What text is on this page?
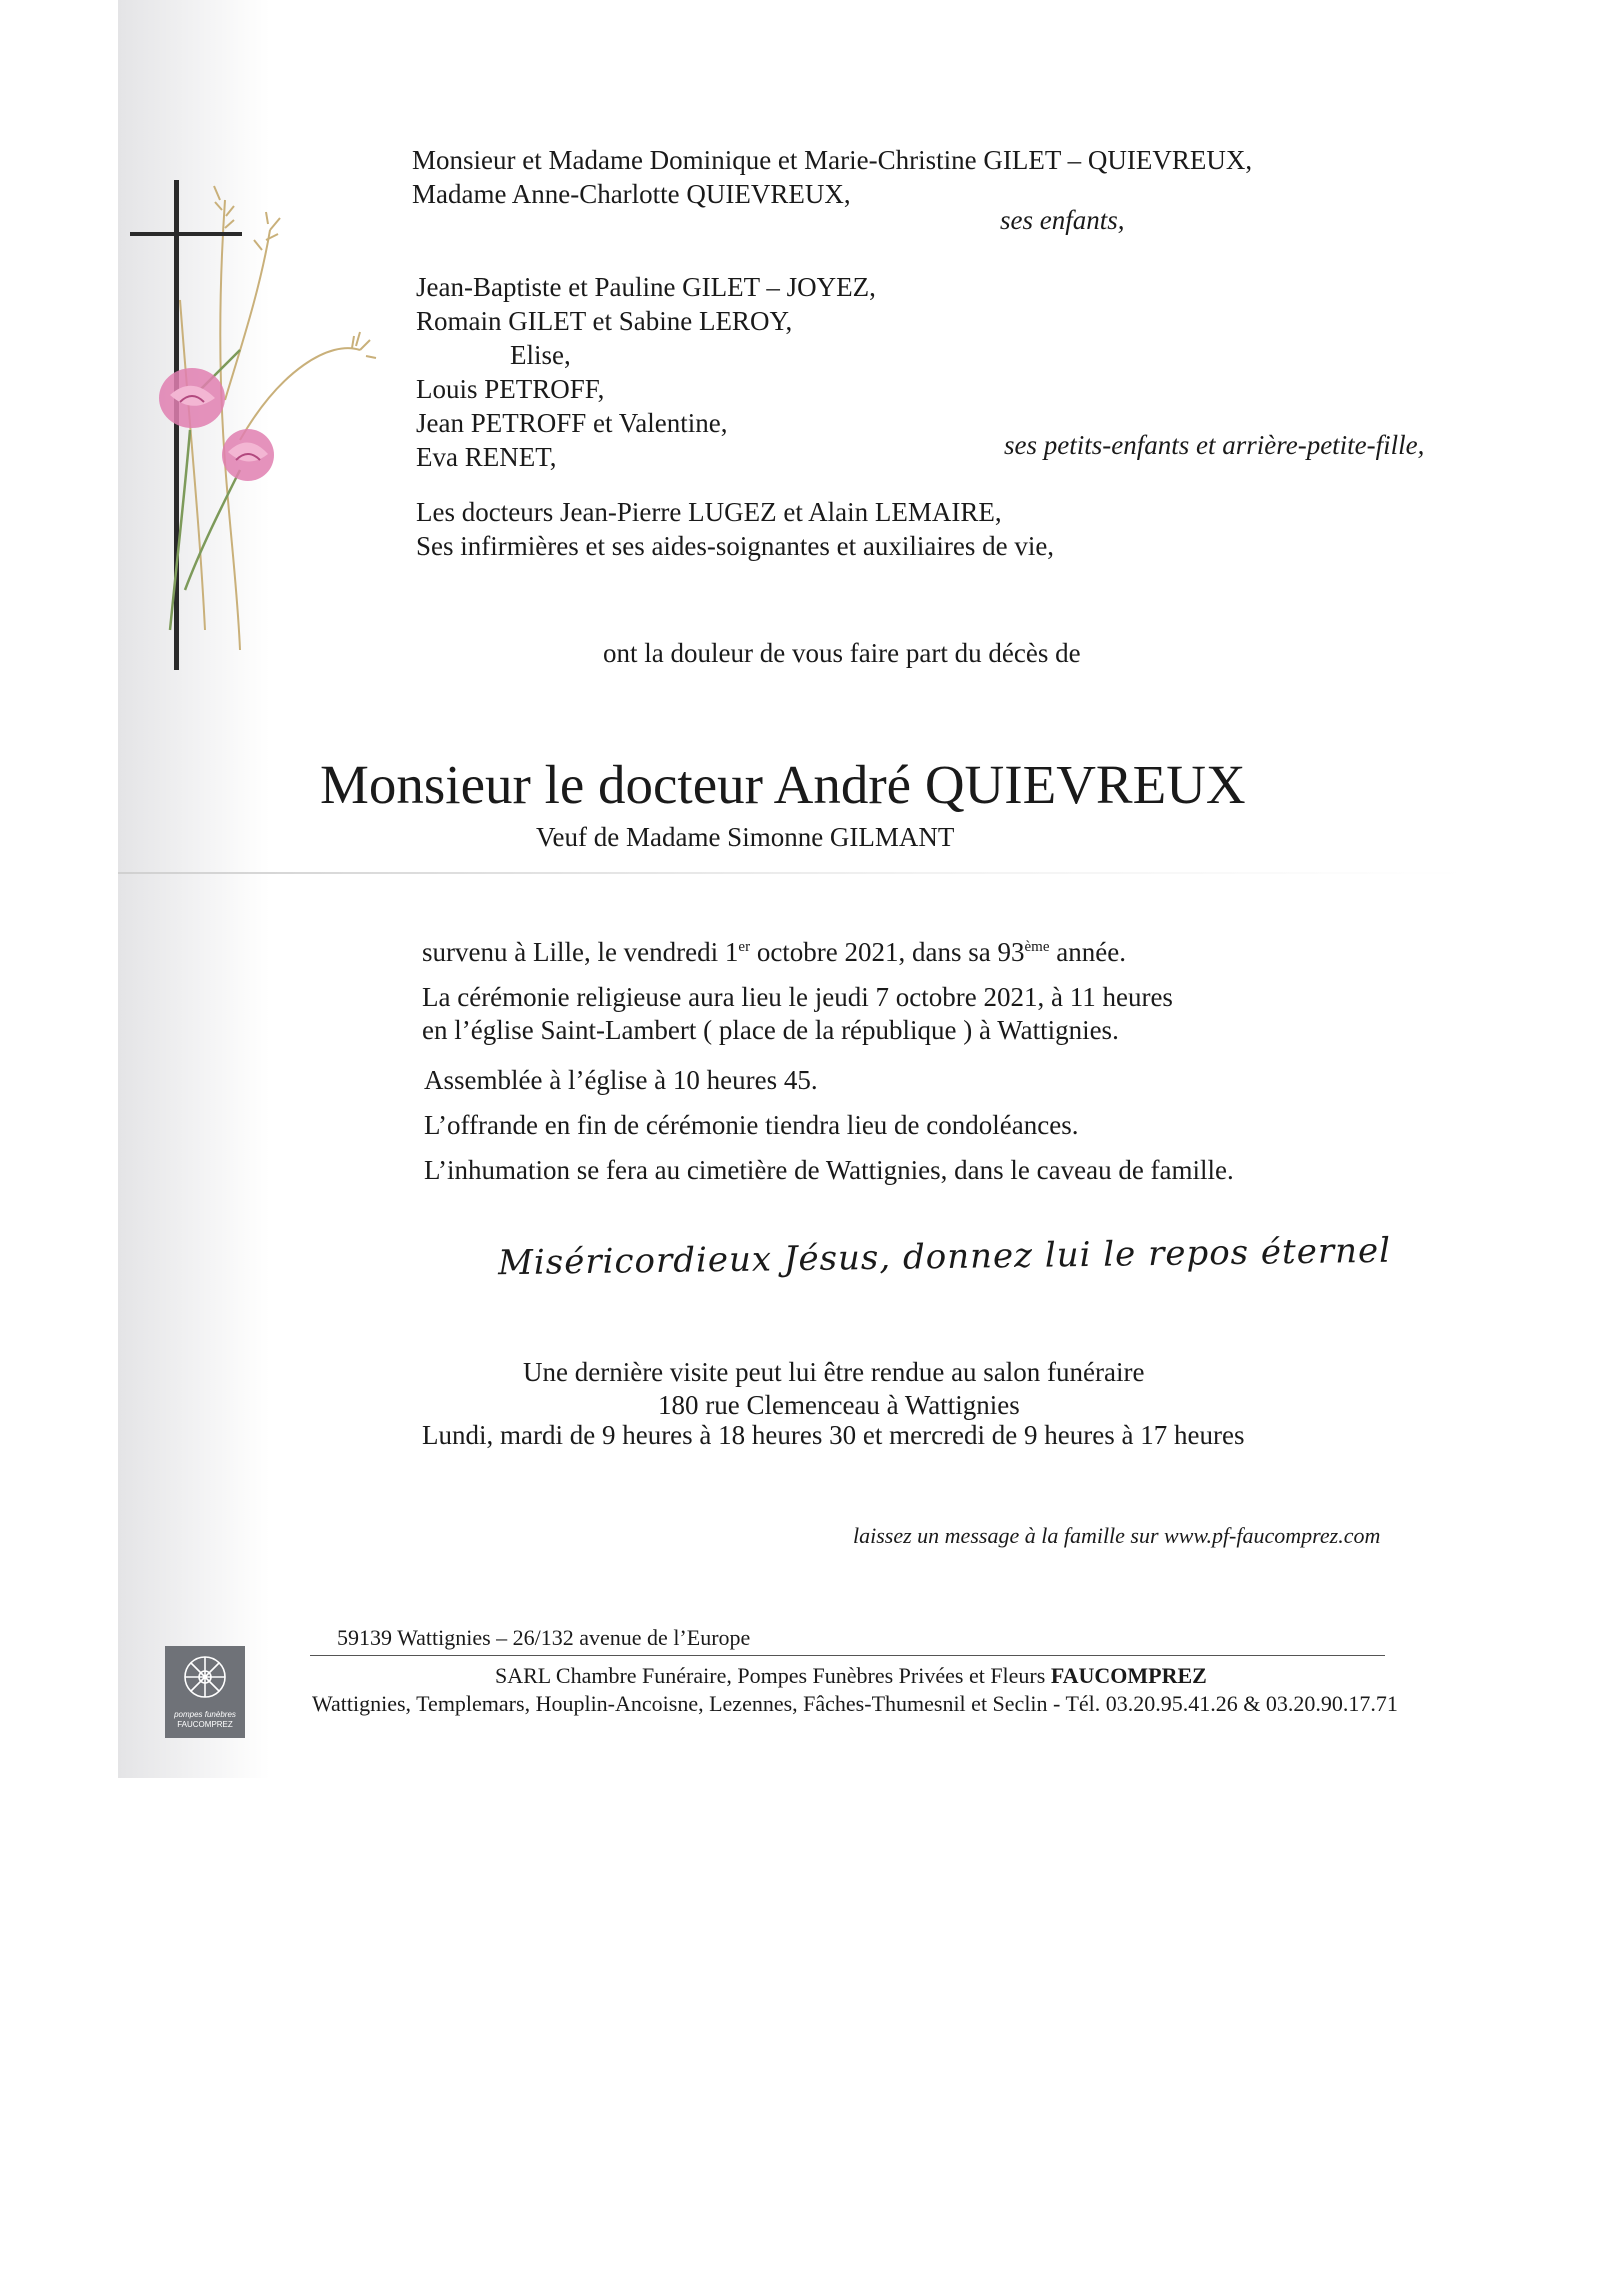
Monsieur et Madame Dominique et Marie-Christine GILET – QUIEVREUX,
Madame Anne-Charlotte QUIEVREUX,
ses enfants,
Jean-Baptiste et Pauline GILET – JOYEZ,
Romain GILET et Sabine LEROY,
Elise,
Louis PETROFF,
Jean PETROFF et Valentine,
Eva RENET,	ses petits-enfants et arrière-petite-fille,
Les docteurs Jean-Pierre LUGEZ et Alain LEMAIRE,
Ses infirmières et ses aides-soignantes et auxiliaires de vie,
ont la douleur de vous faire part du décès de
Monsieur le docteur André QUIEVREUX
Veuf de Madame Simonne GILMANT
survenu à Lille, le vendredi 1er octobre 2021, dans sa 93ème année.
La cérémonie religieuse aura lieu le jeudi 7 octobre 2021, à 11 heures
en l’église Saint-Lambert ( place de la république ) à Wattignies.
Assemblée à l’église à 10 heures 45.
L’offrande en fin de cérémonie tiendra lieu de condoléances.
L’inhumation se fera au cimetière de Wattignies, dans le caveau de famille.
Miséricordieux Jésus, donnez lui le repos éternel
Une dernière visite peut lui être rendue au salon funéraire
180 rue Clemenceau à Wattignies
Lundi, mardi de 9 heures à 18 heures 30 et mercredi de 9 heures à 17 heures
laissez un message à la famille sur www.pf-faucomprez.com
pompes funèbres
FAUCOMPREZ
59139 Wattignies – 26/132 avenue de l’Europe
SARL Chambre Funéraire, Pompes Funèbres Privées et Fleurs FAUCOMPREZ
Wattignies, Templemars, Houplin-Ancoisne, Lezennes, Fâches-Thumesnil et Seclin - Tél. 03.20.95.41.26 & 03.20.90.17.71
